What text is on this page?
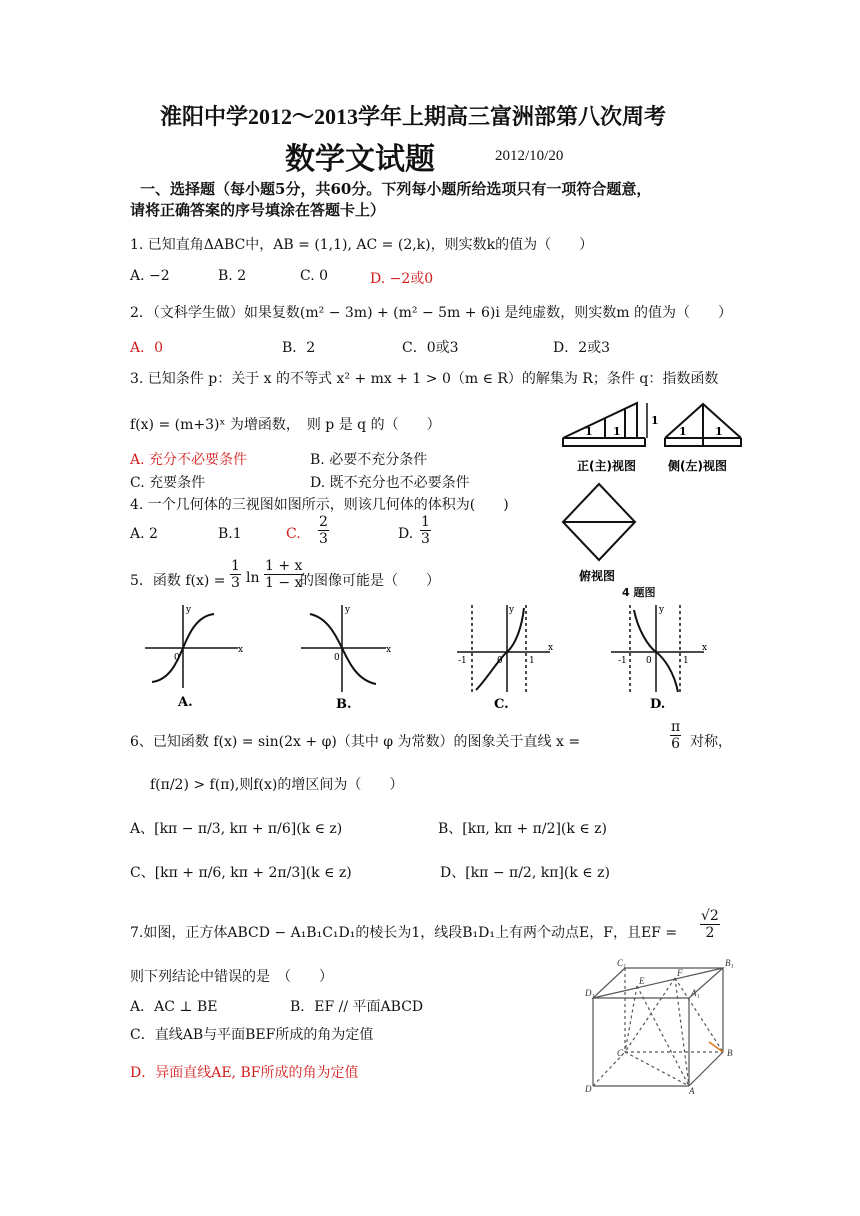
淮阳中学2012～2013学年上期高三富洲部第八次周考
数学文试题	2012/10/20
一、选择题（每小题5分，共60分。下列每小题所给选项只有一项符合题意，
请将正确答案的序号填涂在答题卡上）
1. 已知直角ΔABC中，AB = (1,1), AC = (2,k)，则实数k的值为（　　）
A. −2	B. 2	C. 0	D. −2或0
2．（文科学生做）如果复数(m² − 3m) + (m² − 5m + 6)i 是纯虚数，则实数m 的值为（　　）
A．0	B．2	C．0或3	D．2或3
3. 已知条件 p：关于 x 的不等式 x² + mx + 1 > 0（m ∈ R）的解集为 R；条件 q：指数函数
f(x) = (m+3)ˣ 为增函数，　则 p 是 q 的（　　）
A. 充分不必要条件	B. 必要不充分条件
C. 充要条件	D. 既不充分也不必要条件
4. 一个几何体的三视图如图所示，则该几何体的体积为(　　)
A. 2	B.1	C. $\frac{2}{3}$	D. $\frac{1}{3}$
1 1
1
正(主)视图
1	1
侧(左)视图
俯视图
4 题图
5．函数 $f(x) = \frac{1}{3}$ $\ln \frac{1 + x}{1 - x}$
的图像可能是（　　）
y
x
0
A.
y
x
0
B.
y
x
0
-1	1
C.
y
x
0
-1	1
D.
6、已知函数 f(x) = sin(2x + φ)（其中 φ 为常数）的图象关于直线 x =	$\frac{\pi}{6}$ 对称，
f(π/2) > f(π),则f(x)的增区间为（　　）
A、[kπ − π/3, kπ + π/6](k ∈ z)	B、[kπ, kπ + π/2](k ∈ z)
C、[kπ + π/6, kπ + 2π/3](k ∈ z)	D、[kπ − π/2, kπ](k ∈ z)
7.如图，正方体ABCD − A₁B₁C₁D₁的棱长为1，线段B₁D₁上有两个动点E，F，且EF = $\frac{√2}{2}$
则下列结论中错误的是　（　　）
A．AC ⊥ BE	B．EF // 平面ABCD
C．直线AB与平面BEF所成的角为定值
D．异面直线AE, BF所成的角为定值
C₁	B₁
D₁	A₁
E
F
C	B
D	A
